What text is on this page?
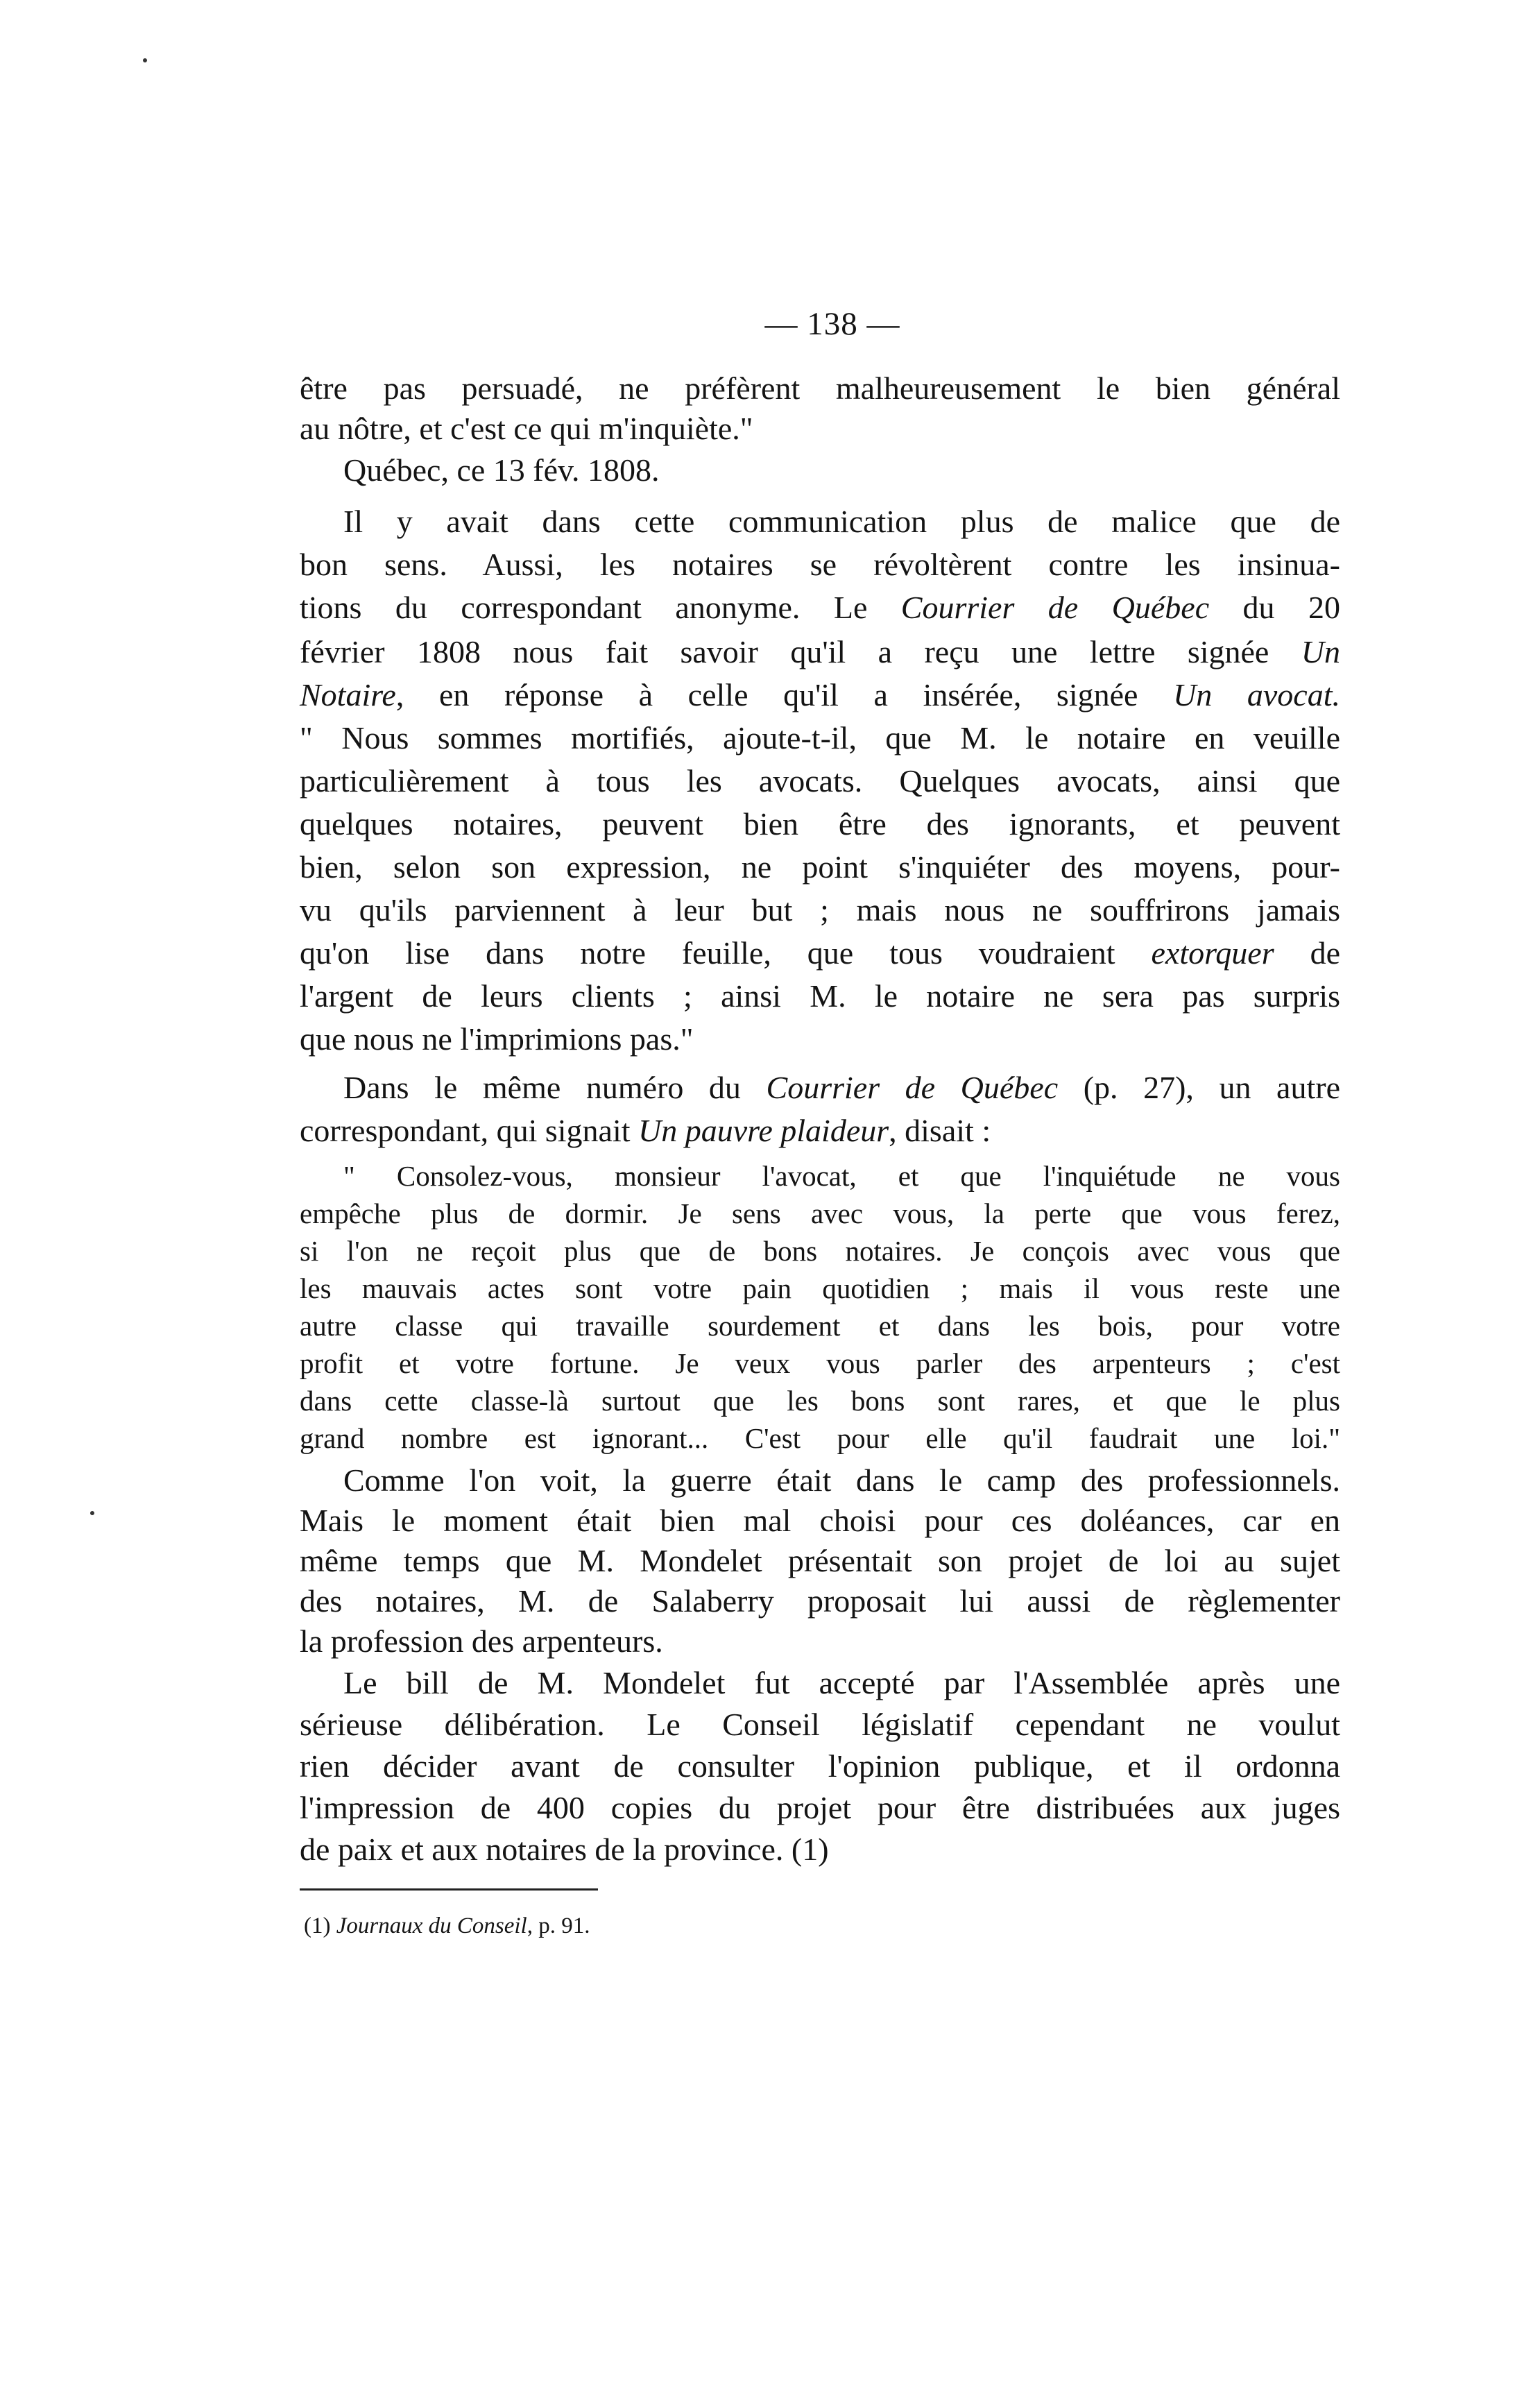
— 138 —
être pas persuadé, ne préfèrent malheureusement le bien général
au nôtre, et c'est ce qui m'inquiète."
Québec, ce 13 fév. 1808.
Il y avait dans cette communication plus de malice que de
bon sens. Aussi, les notaires se révoltèrent contre les insinua-
tions du correspondant anonyme. Le Courrier de Québec du 20
février 1808 nous fait savoir qu'il a reçu une lettre signée Un
Notaire, en réponse à celle qu'il a insérée, signée Un avocat.
" Nous sommes mortifiés, ajoute-t-il, que M. le notaire en veuille
particulièrement à tous les avocats. Quelques avocats, ainsi que
quelques notaires, peuvent bien être des ignorants, et peuvent
bien, selon son expression, ne point s'inquiéter des moyens, pour-
vu qu'ils parviennent à leur but ; mais nous ne souffrirons jamais
qu'on lise dans notre feuille, que tous voudraient extorquer de
l'argent de leurs clients ; ainsi M. le notaire ne sera pas surpris
que nous ne l'imprimions pas."
Dans le même numéro du Courrier de Québec (p. 27), un autre
correspondant, qui signait Un pauvre plaideur, disait :
" Consolez-vous, monsieur l'avocat, et que l'inquiétude ne vous
empêche plus de dormir. Je sens avec vous, la perte que vous ferez,
si l'on ne reçoit plus que de bons notaires. Je conçois avec vous que
les mauvais actes sont votre pain quotidien ; mais il vous reste une
autre classe qui travaille sourdement et dans les bois, pour votre
profit et votre fortune. Je veux vous parler des arpenteurs ; c'est
dans cette classe-là surtout que les bons sont rares, et que le plus
grand nombre est ignorant... C'est pour elle qu'il faudrait une loi."
Comme l'on voit, la guerre était dans le camp des professionnels.
Mais le moment était bien mal choisi pour ces doléances, car en
même temps que M. Mondelet présentait son projet de loi au sujet
des notaires, M. de Salaberry proposait lui aussi de règlementer
la profession des arpenteurs.
Le bill de M. Mondelet fut accepté par l'Assemblée après une
sérieuse délibération. Le Conseil législatif cependant ne voulut
rien décider avant de consulter l'opinion publique, et il ordonna
l'impression de 400 copies du projet pour être distribuées aux juges
de paix et aux notaires de la province. (1)
(1) Journaux du Conseil, p. 91.
